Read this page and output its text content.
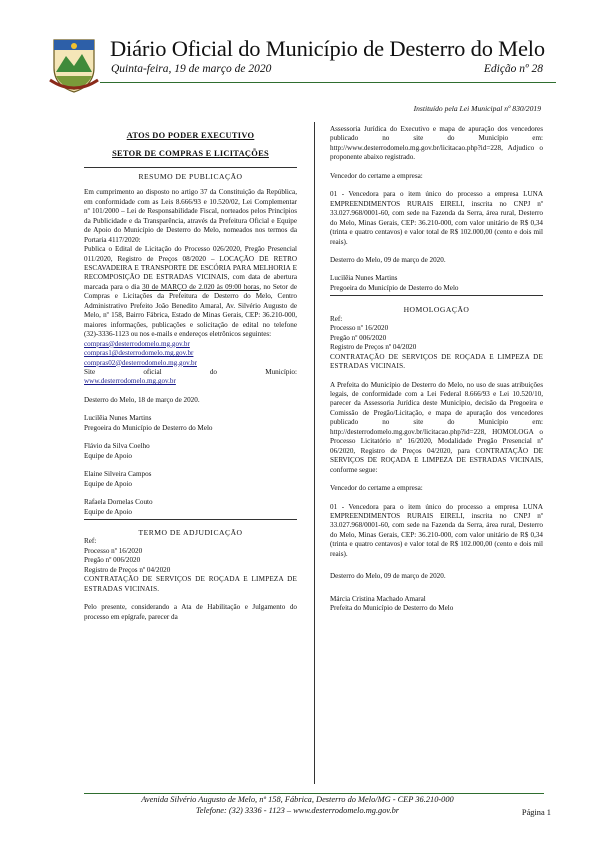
Diário Oficial do Município de Desterro do Melo
Quinta-feira, 19 de março de 2020	Edição nº 28
Instituído pela Lei Municipal nº 830/2019
ATOS DO PODER EXECUTIVO
SETOR DE COMPRAS E LICITAÇÕES
RESUMO DE PUBLICAÇÃO

Em cumprimento ao disposto no artigo 37 da Constituição da República, em conformidade com as Leis 8.666/93 e 10.520/02, Lei Complementar nº 101/2000 – Lei de Responsabilidade Fiscal, norteados pelos Princípios da Publicidade e da Transparência, através da Prefeitura Oficial e Equipe de Apoio do Município de Desterro do Melo, nomeados nos termos da Portaria 4117/2020:

Publica o Edital de Licitação do Processo 026/2020, Pregão Presencial 011/2020, Registro de Preços 08/2020 – LOCAÇÃO DE RETRO ESCAVADEIRA E TRANSPORTE DE ESCÓRIA PARA MELHORIA E RECOMPOSIÇÃO DE ESTRADAS VICINAIS, com data de abertura marcada para o dia 30 de MARÇO de 2.020 às 09:00 horas, no Setor de Compras e Licitações da Prefeitura de Desterro do Melo, Centro Administrativo Prefeito João Benedito Amaral, Av. Silvério Augusto de Melo, nº 158, Bairro Fábrica, Estado de Minas Gerais, CEP: 36.210-000, maiores informações, publicações e solicitação de edital no telefone (32)-3336-1123 ou nos e-mails e endereços eletrônicos seguintes:

compras@desterrodomelo.mg.gov.br

compras1@desterrodomelo.mg.gov.br

compras02@desterrodomelo.mg.gov.br

Site oficial do Município:

www.desterrodomelo.mg.gov.br

Desterro do Melo, 18 de março de 2020.

Lucilêia Nunes Martins

Pregoeira do Município de Desterro do Melo

Flávio da Silva Coelho

Equipe de Apoio

Elaine Silveira Campos

Equipe de Apoio

Rafaela Dornelas Couto

Equipe de Apoio

TERMO DE ADJUDICAÇÃO

Ref:

Processo nº 16/2020

Pregão nº 006/2020

Registro de Preços nº 04/2020

CONTRATAÇÃO DE SERVIÇOS DE ROÇADA E LIMPEZA DE ESTRADAS VICINAIS.

Pelo presente, considerando a Ata de Habilitação e Julgamento do processo em epígrafe, parecer da

Assessoria Jurídica do Executivo e mapa de apuração dos vencedores publicado no site do Município em: http://www.desterrodomelo.mg.gov.br/licitacao.php?id=228, Adjudico o proponente abaixo registrado.

Vencedor do certame a empresa:

01 - Vencedora para o item único do processo a empresa LUNA EMPREENDIMENTOS RURAIS EIRELI, inscrita no CNPJ nº 33.027.968/0001-60, com sede na Fazenda da Serra, área rural, Desterro do Melo, Minas Gerais, CEP: 36.210-000, com valor unitário de R$ 0,34 (trinta e quatro centavos) e valor total de R$ 102.000,00 (cento e dois mil reais).

Desterro do Melo, 09 de março de 2020.

Lucilêia Nunes Martins

Pregoeira do Município de Desterro do Melo

HOMOLOGAÇÃO

Ref:

Processo nº 16/2020

Pregão nº 006/2020

Registro de Preços nº 04/2020

CONTRATAÇÃO DE SERVIÇOS DE ROÇADA E LIMPEZA DE ESTRADAS VICINAIS.

A Prefeita do Município de Desterro do Melo, no uso de suas atribuições legais, de conformidade com a Lei Federal 8.666/93 e Lei 10.520/10, parecer da Assessoria Jurídica deste Município, decisão da Pregoeira e Comissão de Pregão/Licitação, e mapa de apuração dos vencedores publicado no site do Município em: http://desterrodomelo.mg.gov.br/licitacao.php?id=228, HOMOLOGA o Processo Licitatório nº 16/2020, Modalidade Pregão Presencial nº 06/2020, Registro de Preços 04/2020, para CONTRATAÇÃO DE SERVIÇOS DE ROÇADA E LIMPEZA DE ESTRADAS VICINAIS, conforme segue:

Vencedor do certame a empresa:

01 - Vencedora para o item único do processo a empresa LUNA EMPREENDIMENTOS RURAIS EIRELI, inscrita no CNPJ nº 33.027.968/0001-60, com sede na Fazenda da Serra, área rural, Desterro do Melo, Minas Gerais, CEP: 36.210-000, com valor unitário de R$ 0,34 (trinta e quatro centavos) e valor total de R$ 102.000,00 (cento e dois mil reais).

Desterro do Melo, 09 de março de 2020.

Márcia Cristina Machado Amaral

Prefeita do Município de Desterro do Melo

Avenida Silvério Augusto de Melo, nº 158, Fábrica, Desterro do Melo/MG - CEP 36.210-000
Telefone: (32) 3336 - 1123 – www.desterrodomelo.mg.gov.br	Página 1
